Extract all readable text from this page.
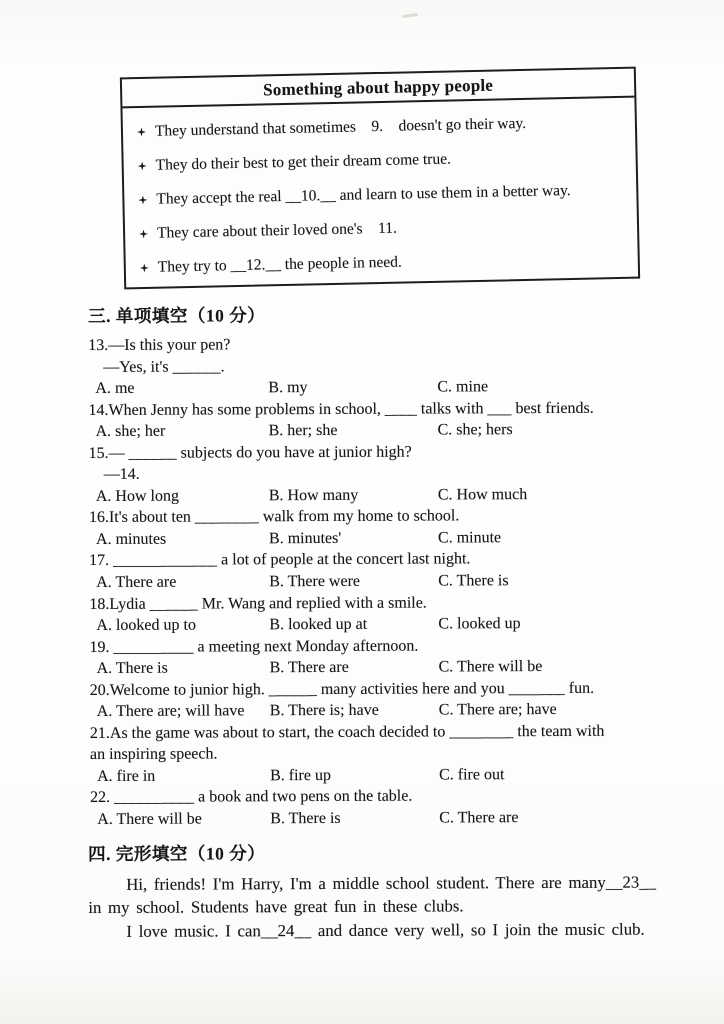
Something about happy people
They understand that sometimes    9.    doesn't go their way.
They do their best to get their dream come true.
They accept the real __10.__ and learn to use them in a better way.
They care about their loved one's    11.
They try to __12.__ the people in need.
三. 单项填空（10 分）
13.—Is this your pen?
—Yes, it's ______.
A. me	B. my	C. mine
14.When Jenny has some problems in school, ____ talks with ___ best friends.
A. she; her	B. her; she	C. she; hers
15.— ______ subjects do you have at junior high?
—14.
A. How long	B. How many	C. How much
16.It's about ten ________ walk from my home to school.
A. minutes	B. minutes'	C. minute
17. _____________ a lot of people at the concert last night.
A. There are	B. There were	C. There is
18.Lydia ______ Mr. Wang and replied with a smile.
A. looked up to	B. looked up at	C. looked up
19. __________ a meeting next Monday afternoon.
A. There is	B. There are	C. There will be
20.Welcome to junior high. ______ many activities here and you _______ fun.
A. There are; will have B. There is; have	C. There are; have
21.As the game was about to start, the coach decided to ________ the team with
an inspiring speech.
A. fire in	B. fire up	C. fire out
22. __________ a book and two pens on the table.
A. There will be	B. There is	C. There are
四. 完形填空（10 分）
Hi, friends! I'm Harry, I'm a middle school student. There are many__23__
in my school. Students have great fun in these clubs.
I love music. I can__24__ and dance very well, so I join the music club.
